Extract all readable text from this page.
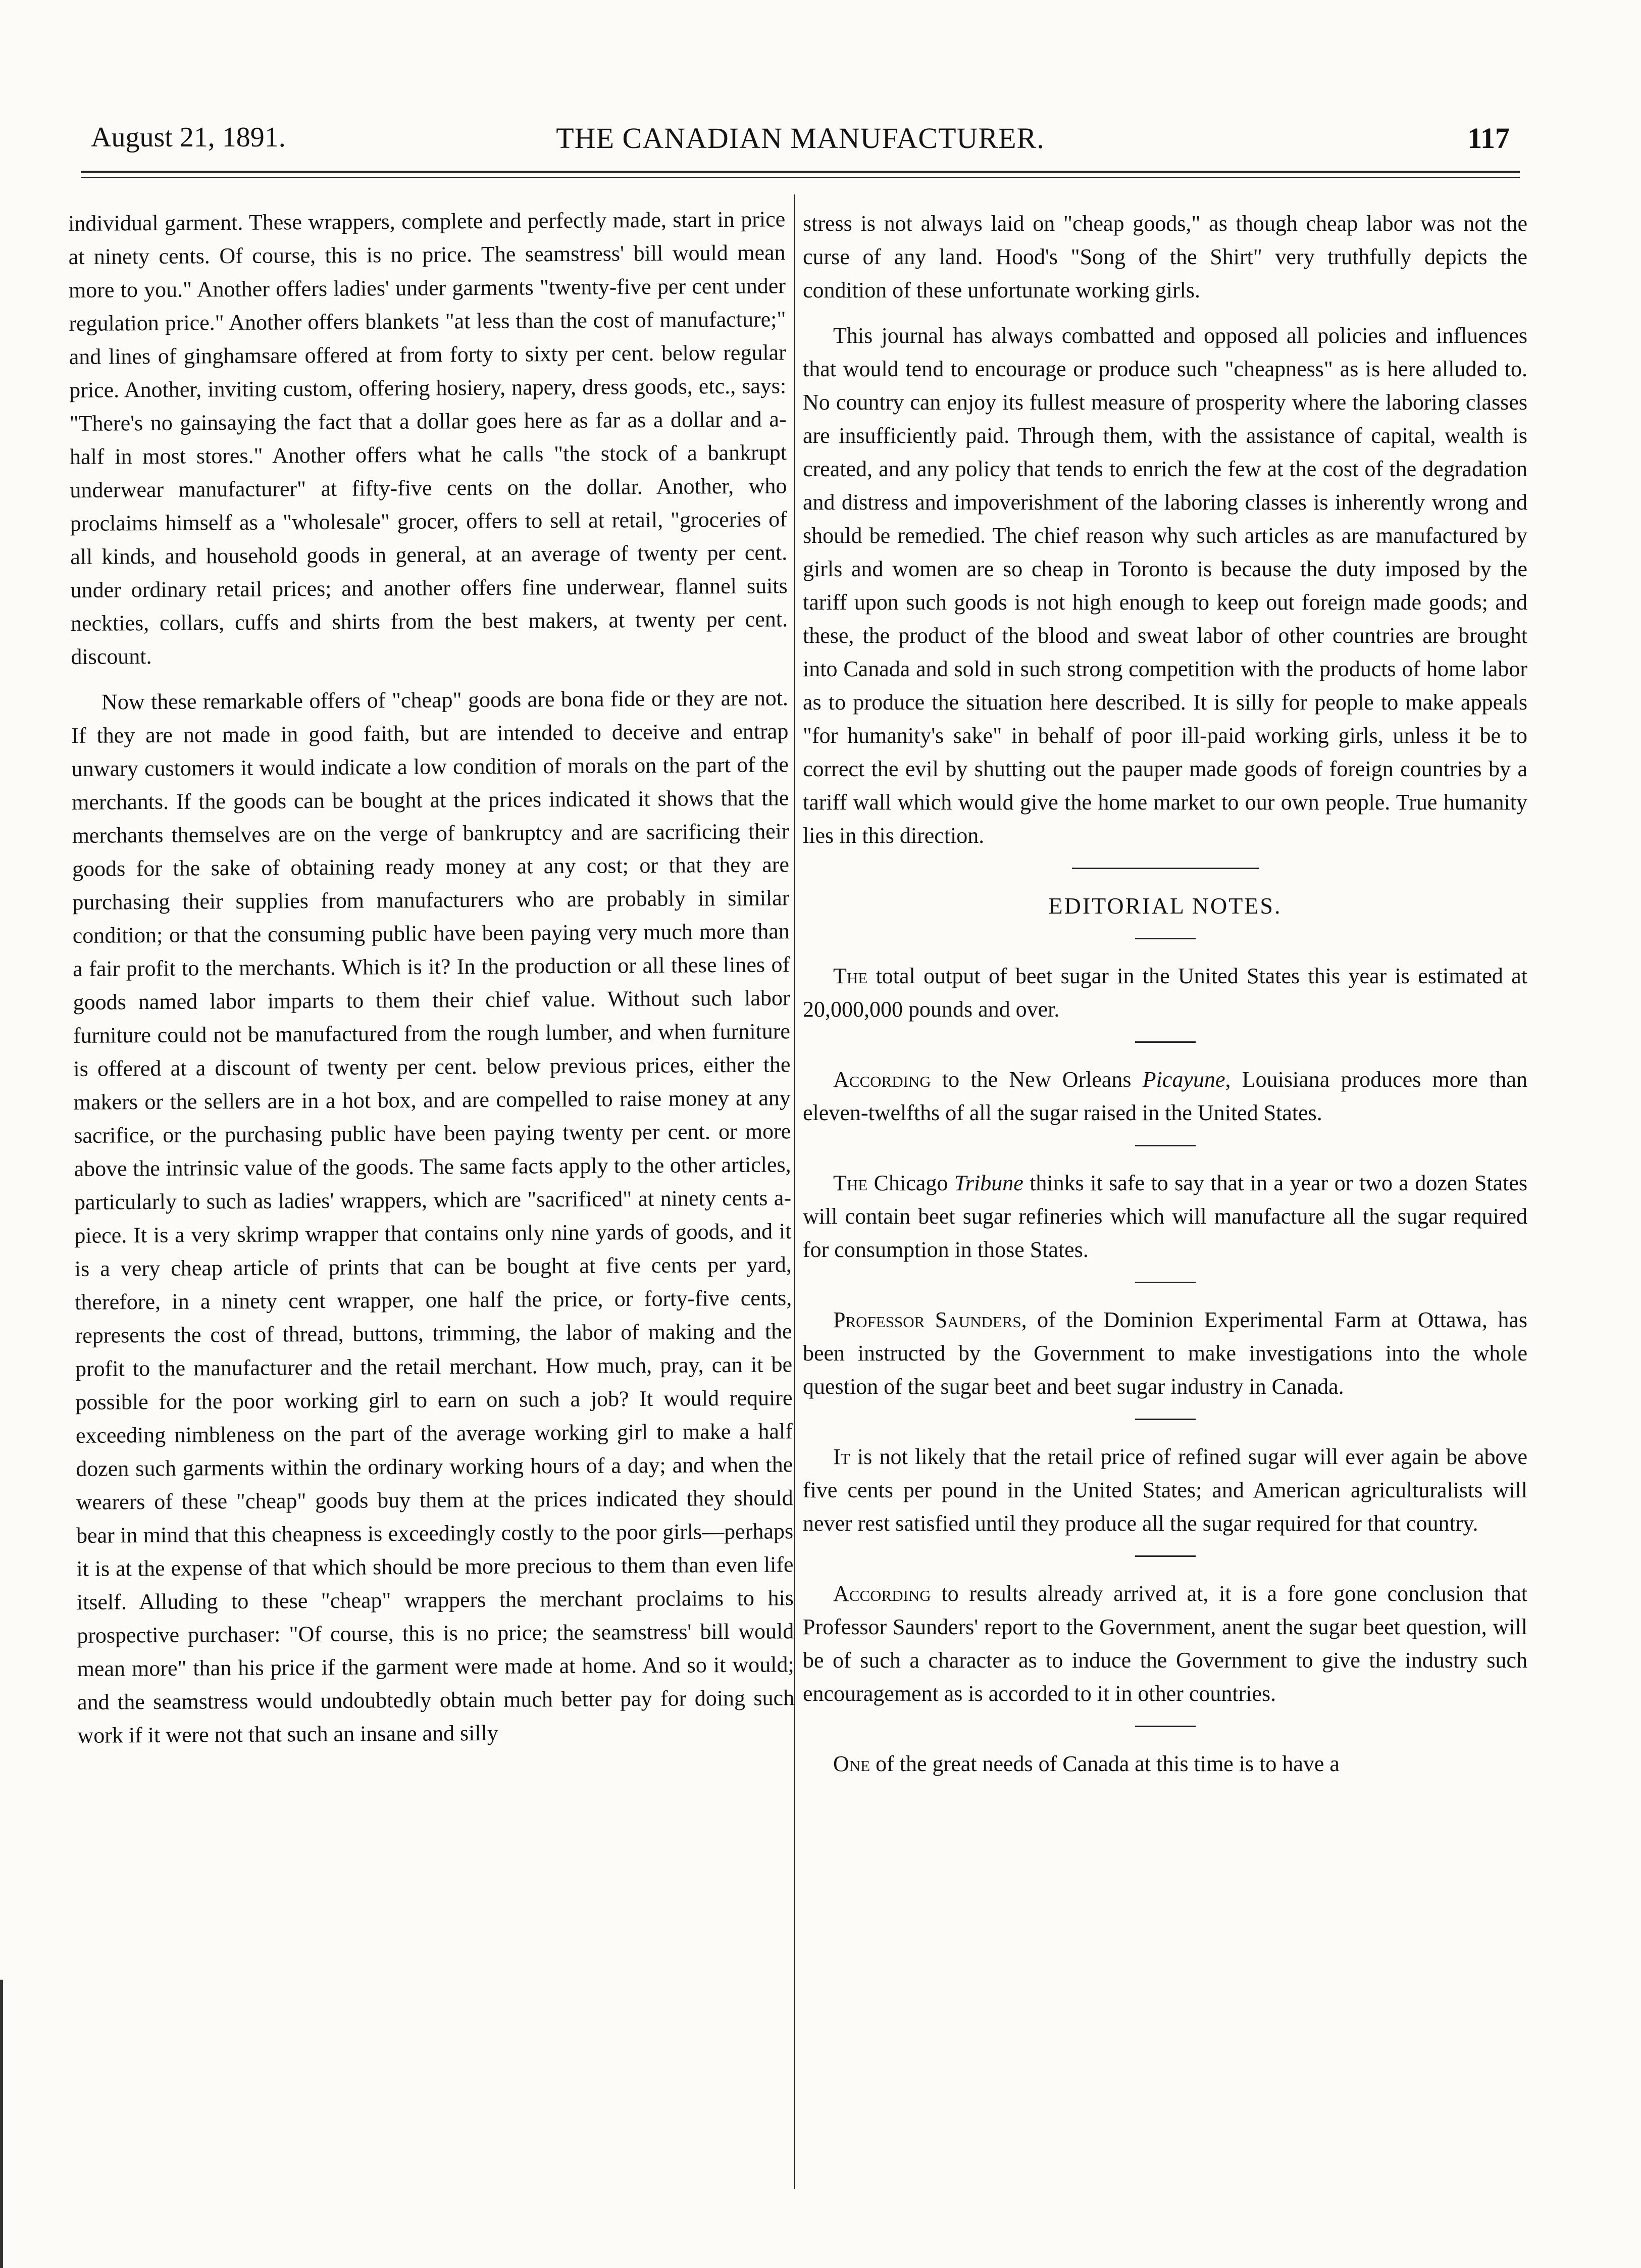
August 21, 1891.	THE CANADIAN MANUFACTURER.	117

individual garment. These wrappers, complete and perfectly made, start in price at ninety cents. Of course, this is no price. The seamstress' bill would mean more to you." Another offers ladies' under garments "twenty-five per cent under regulation price." Another offers blankets "at less than the cost of manufacture;" and lines of ginghamsare offered at from forty to sixty per cent. below regular price. Another, inviting custom, offering hosiery, napery, dress goods, etc., says: "There's no gainsaying the fact that a dollar goes here as far as a dollar and a-half in most stores." Another offers what he calls "the stock of a bankrupt underwear manufacturer" at fifty-five cents on the dollar. Another, who proclaims himself as a "wholesale" grocer, offers to sell at retail, "groceries of all kinds, and household goods in general, at an average of twenty per cent. under ordinary retail prices; and another offers fine underwear, flannel suits neckties, collars, cuffs and shirts from the best makers, at twenty per cent. discount.

Now these remarkable offers of "cheap" goods are bona fide or they are not. If they are not made in good faith, but are intended to deceive and entrap unwary customers it would indicate a low condition of morals on the part of the merchants. If the goods can be bought at the prices indicated it shows that the merchants themselves are on the verge of bankruptcy and are sacrificing their goods for the sake of obtaining ready money at any cost; or that they are purchasing their supplies from manufacturers who are probably in similar condition; or that the consuming public have been paying very much more than a fair profit to the merchants. Which is it? In the production or all these lines of goods named labor imparts to them their chief value. Without such labor furniture could not be manufactured from the rough lumber, and when furniture is offered at a discount of twenty per cent. below previous prices, either the makers or the sellers are in a hot box, and are compelled to raise money at any sacrifice, or the purchasing public have been paying twenty per cent. or more above the intrinsic value of the goods. The same facts apply to the other articles, particularly to such as ladies' wrappers, which are "sacrificed" at ninety cents a-piece. It is a very skrimp wrapper that contains only nine yards of goods, and it is a very cheap article of prints that can be bought at five cents per yard, therefore, in a ninety cent wrapper, one half the price, or forty-five cents, represents the cost of thread, buttons, trimming, the labor of making and the profit to the manufacturer and the retail merchant. How much, pray, can it be possible for the poor working girl to earn on such a job? It would require exceeding nimbleness on the part of the average working girl to make a half dozen such garments within the ordinary working hours of a day; and when the wearers of these "cheap" goods buy them at the prices indicated they should bear in mind that this cheapness is exceedingly costly to the poor girls—perhaps it is at the expense of that which should be more precious to them than even life itself. Alluding to these "cheap" wrappers the merchant proclaims to his prospective purchaser: "Of course, this is no price; the seamstress' bill would mean more" than his price if the garment were made at home. And so it would; and the seamstress would undoubtedly obtain much better pay for doing such work if it were not that such an insane and silly

stress is not always laid on "cheap goods," as though cheap labor was not the curse of any land. Hood's "Song of the Shirt" very truthfully depicts the condition of these unfortunate working girls.

This journal has always combatted and opposed all policies and influences that would tend to encourage or produce such "cheapness" as is here alluded to. No country can enjoy its fullest measure of prosperity where the laboring classes are insufficiently paid. Through them, with the assistance of capital, wealth is created, and any policy that tends to enrich the few at the cost of the degradation and distress and impoverishment of the laboring classes is inherently wrong and should be remedied. The chief reason why such articles as are manufactured by girls and women are so cheap in Toronto is because the duty imposed by the tariff upon such goods is not high enough to keep out foreign made goods; and these, the product of the blood and sweat labor of other countries are brought into Canada and sold in such strong competition with the products of home labor as to produce the situation here described. It is silly for people to make appeals "for humanity's sake" in behalf of poor ill-paid working girls, unless it be to correct the evil by shutting out the pauper made goods of foreign countries by a tariff wall which would give the home market to our own people. True humanity lies in this direction.

EDITORIAL NOTES.

The total output of beet sugar in the United States this year is estimated at 20,000,000 pounds and over.

According to the New Orleans Picayune, Louisiana produces more than eleven-twelfths of all the sugar raised in the United States.

The Chicago Tribune thinks it safe to say that in a year or two a dozen States will contain beet sugar refineries which will manufacture all the sugar required for consumption in those States.

Professor Saunders, of the Dominion Experimental Farm at Ottawa, has been instructed by the Government to make investigations into the whole question of the sugar beet and beet sugar industry in Canada.

It is not likely that the retail price of refined sugar will ever again be above five cents per pound in the United States; and American agriculturalists will never rest satisfied until they produce all the sugar required for that country.

According to results already arrived at, it is a fore gone conclusion that Professor Saunders' report to the Government, anent the sugar beet question, will be of such a character as to induce the Government to give the industry such encouragement as is accorded to it in other countries.

One of the great needs of Canada at this time is to have a
